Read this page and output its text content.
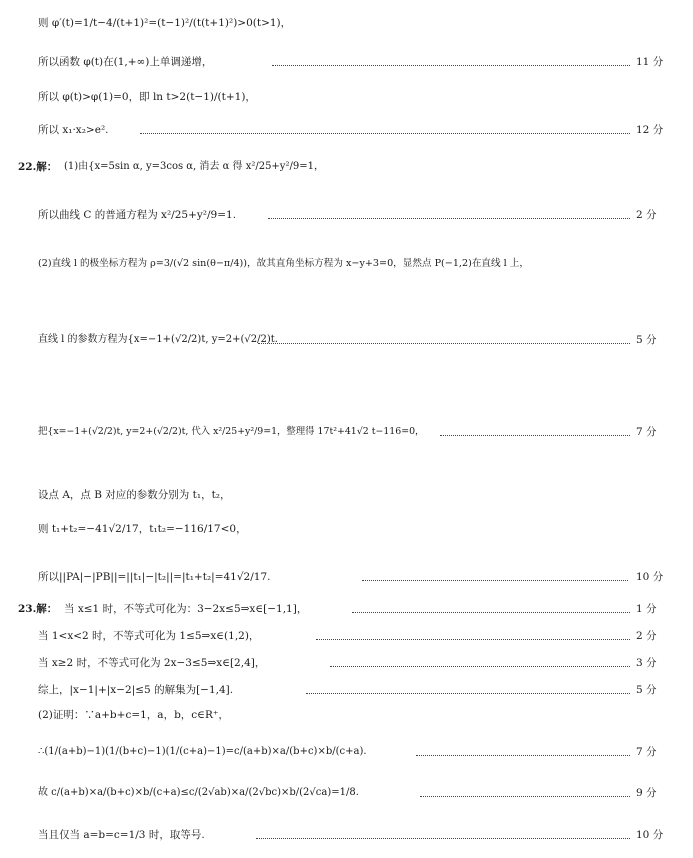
则 φ′(t)=1/t−4/(t+1)²=(t−1)²/(t(t+1)²)>0(t>1)，
所以函数 φ(t)在(1,+∞)上单调递增，	11 分
所以 φ(t)>φ(1)=0，即 ln t>2(t−1)/(t+1)，
所以 x₁·x₂>e².	12 分
22.解： (1)由{x=5sin α, y=3cos α, 消去 α 得 x²/25+y²/9=1，
所以曲线 C 的普通方程为 x²/25+y²/9=1.	2 分
(2)直线 l 的极坐标方程为 ρ=3/(√2 sin(θ−π/4))，故其直角坐标方程为 x−y+3=0，显然点 P(−1,2)在直线 l 上，
直线 l 的参数方程为{x=−1+(√2/2)t, y=2+(√2/2)t.	5 分
把{x=−1+(√2/2)t, y=2+(√2/2)t, 代入 x²/25+y²/9=1，整理得 17t²+41√2 t−116=0，	7 分
设点 A，点 B 对应的参数分别为 t₁，t₂，
则 t₁+t₂=−41√2/17，t₁t₂=−116/17<0，
所以||PA|−|PB||=||t₁|−|t₂||=|t₁+t₂|=41√2/17.	10 分
23.解： 当 x≤1 时，不等式可化为：3−2x≤5⇒x∈[−1,1]，	1 分
当 1<x<2 时，不等式可化为 1≤5⇒x∈(1,2)，	2 分
当 x≥2 时，不等式可化为 2x−3≤5⇒x∈[2,4]，	3 分
综上，|x−1|+|x−2|≤5 的解集为[−1,4].	5 分
(2)证明：∵a+b+c=1，a，b，c∈R⁺，
∴(1/(a+b)−1)(1/(b+c)−1)(1/(c+a)−1)=c/(a+b)×a/(b+c)×b/(c+a).	7 分
故 c/(a+b)×a/(b+c)×b/(c+a)≤c/(2√ab)×a/(2√bc)×b/(2√ca)=1/8.	9 分
当且仅当 a=b=c=1/3 时，取等号.	10 分
